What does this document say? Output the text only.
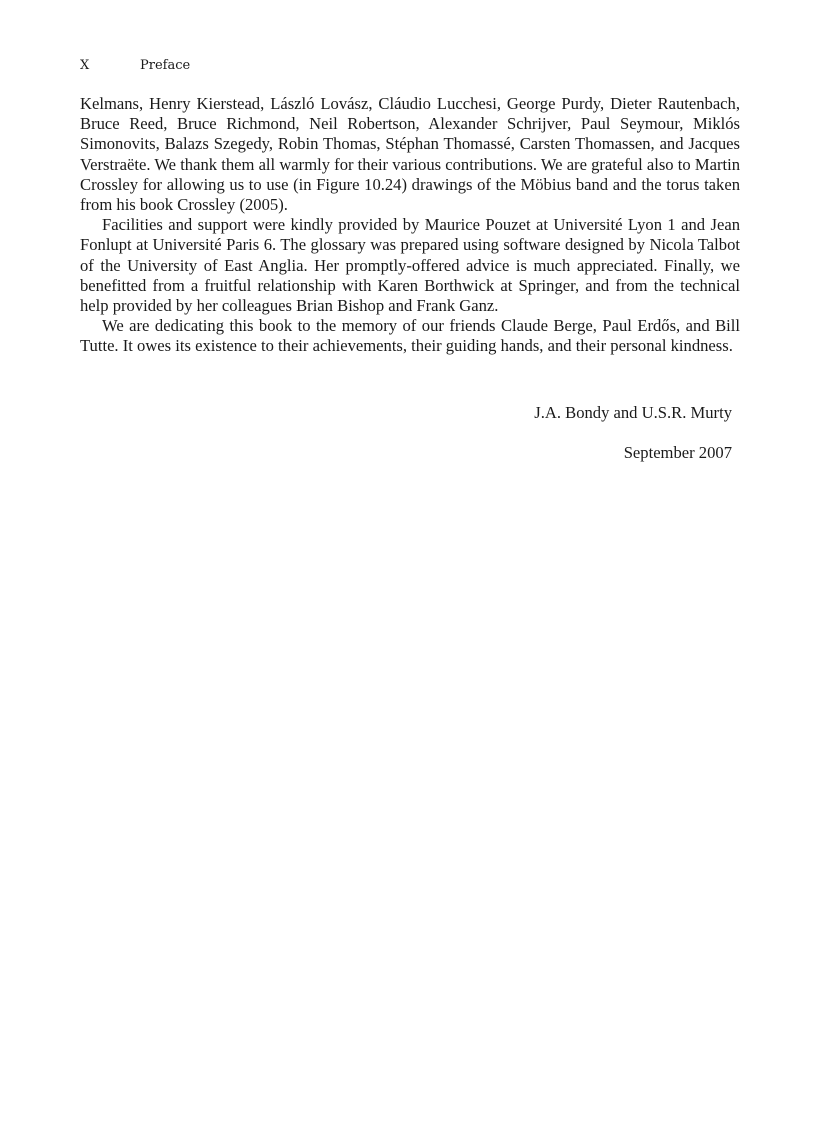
X	Preface

Kelmans, Henry Kierstead, László Lovász, Cláudio Lucchesi, George Purdy, Dieter Rautenbach, Bruce Reed, Bruce Richmond, Neil Robertson, Alexander Schrijver, Paul Seymour, Miklós Simonovits, Balazs Szegedy, Robin Thomas, Stéphan Thomassé, Carsten Thomassen, and Jacques Verstraëte. We thank them all warmly for their various contributions. We are grateful also to Martin Crossley for allowing us to use (in Figure 10.24) drawings of the Möbius band and the torus taken from his book Crossley (2005).

Facilities and support were kindly provided by Maurice Pouzet at Université Lyon 1 and Jean Fonlupt at Université Paris 6. The glossary was prepared using software designed by Nicola Talbot of the University of East Anglia. Her promptly-offered advice is much appreciated. Finally, we benefitted from a fruitful relationship with Karen Borthwick at Springer, and from the technical help provided by her colleagues Brian Bishop and Frank Ganz.

We are dedicating this book to the memory of our friends Claude Berge, Paul Erdős, and Bill Tutte. It owes its existence to their achievements, their guiding hands, and their personal kindness.

J.A. Bondy and U.S.R. Murty
September 2007
